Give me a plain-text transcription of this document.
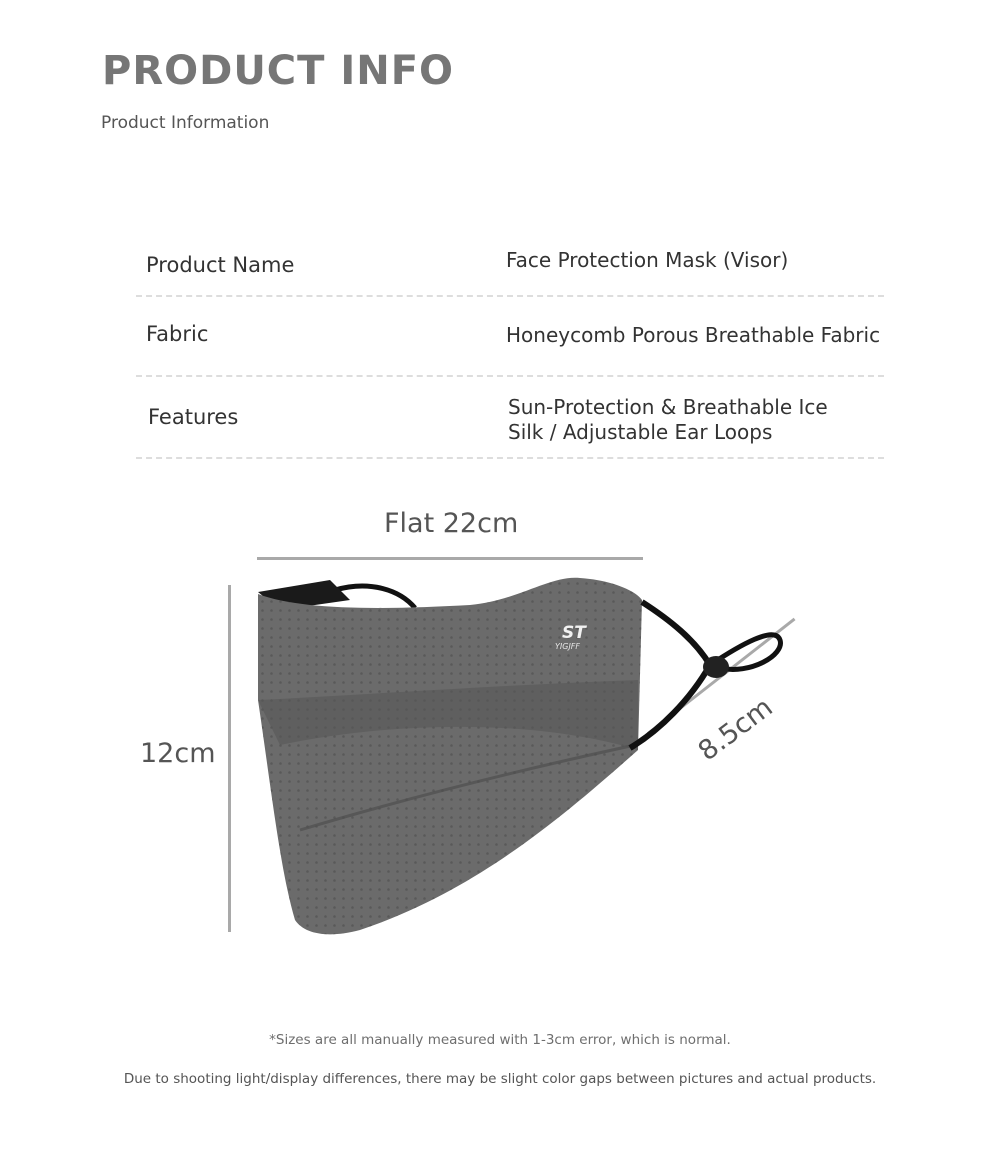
PRODUCT INFO
Product Information
Product Name	Face Protection Mask (Visor)
Fabric	Honeycomb Porous Breathable Fabric
Features	Sun-Protection & Breathable Ice Silk / Adjustable Ear Loops
Flat 22cm
12cm	8.5cm
ST
YIGJFF
*Sizes are all manually measured with 1-3cm error, which is normal.
Due to shooting light/display differences, there may be slight color gaps between pictures and actual products.
